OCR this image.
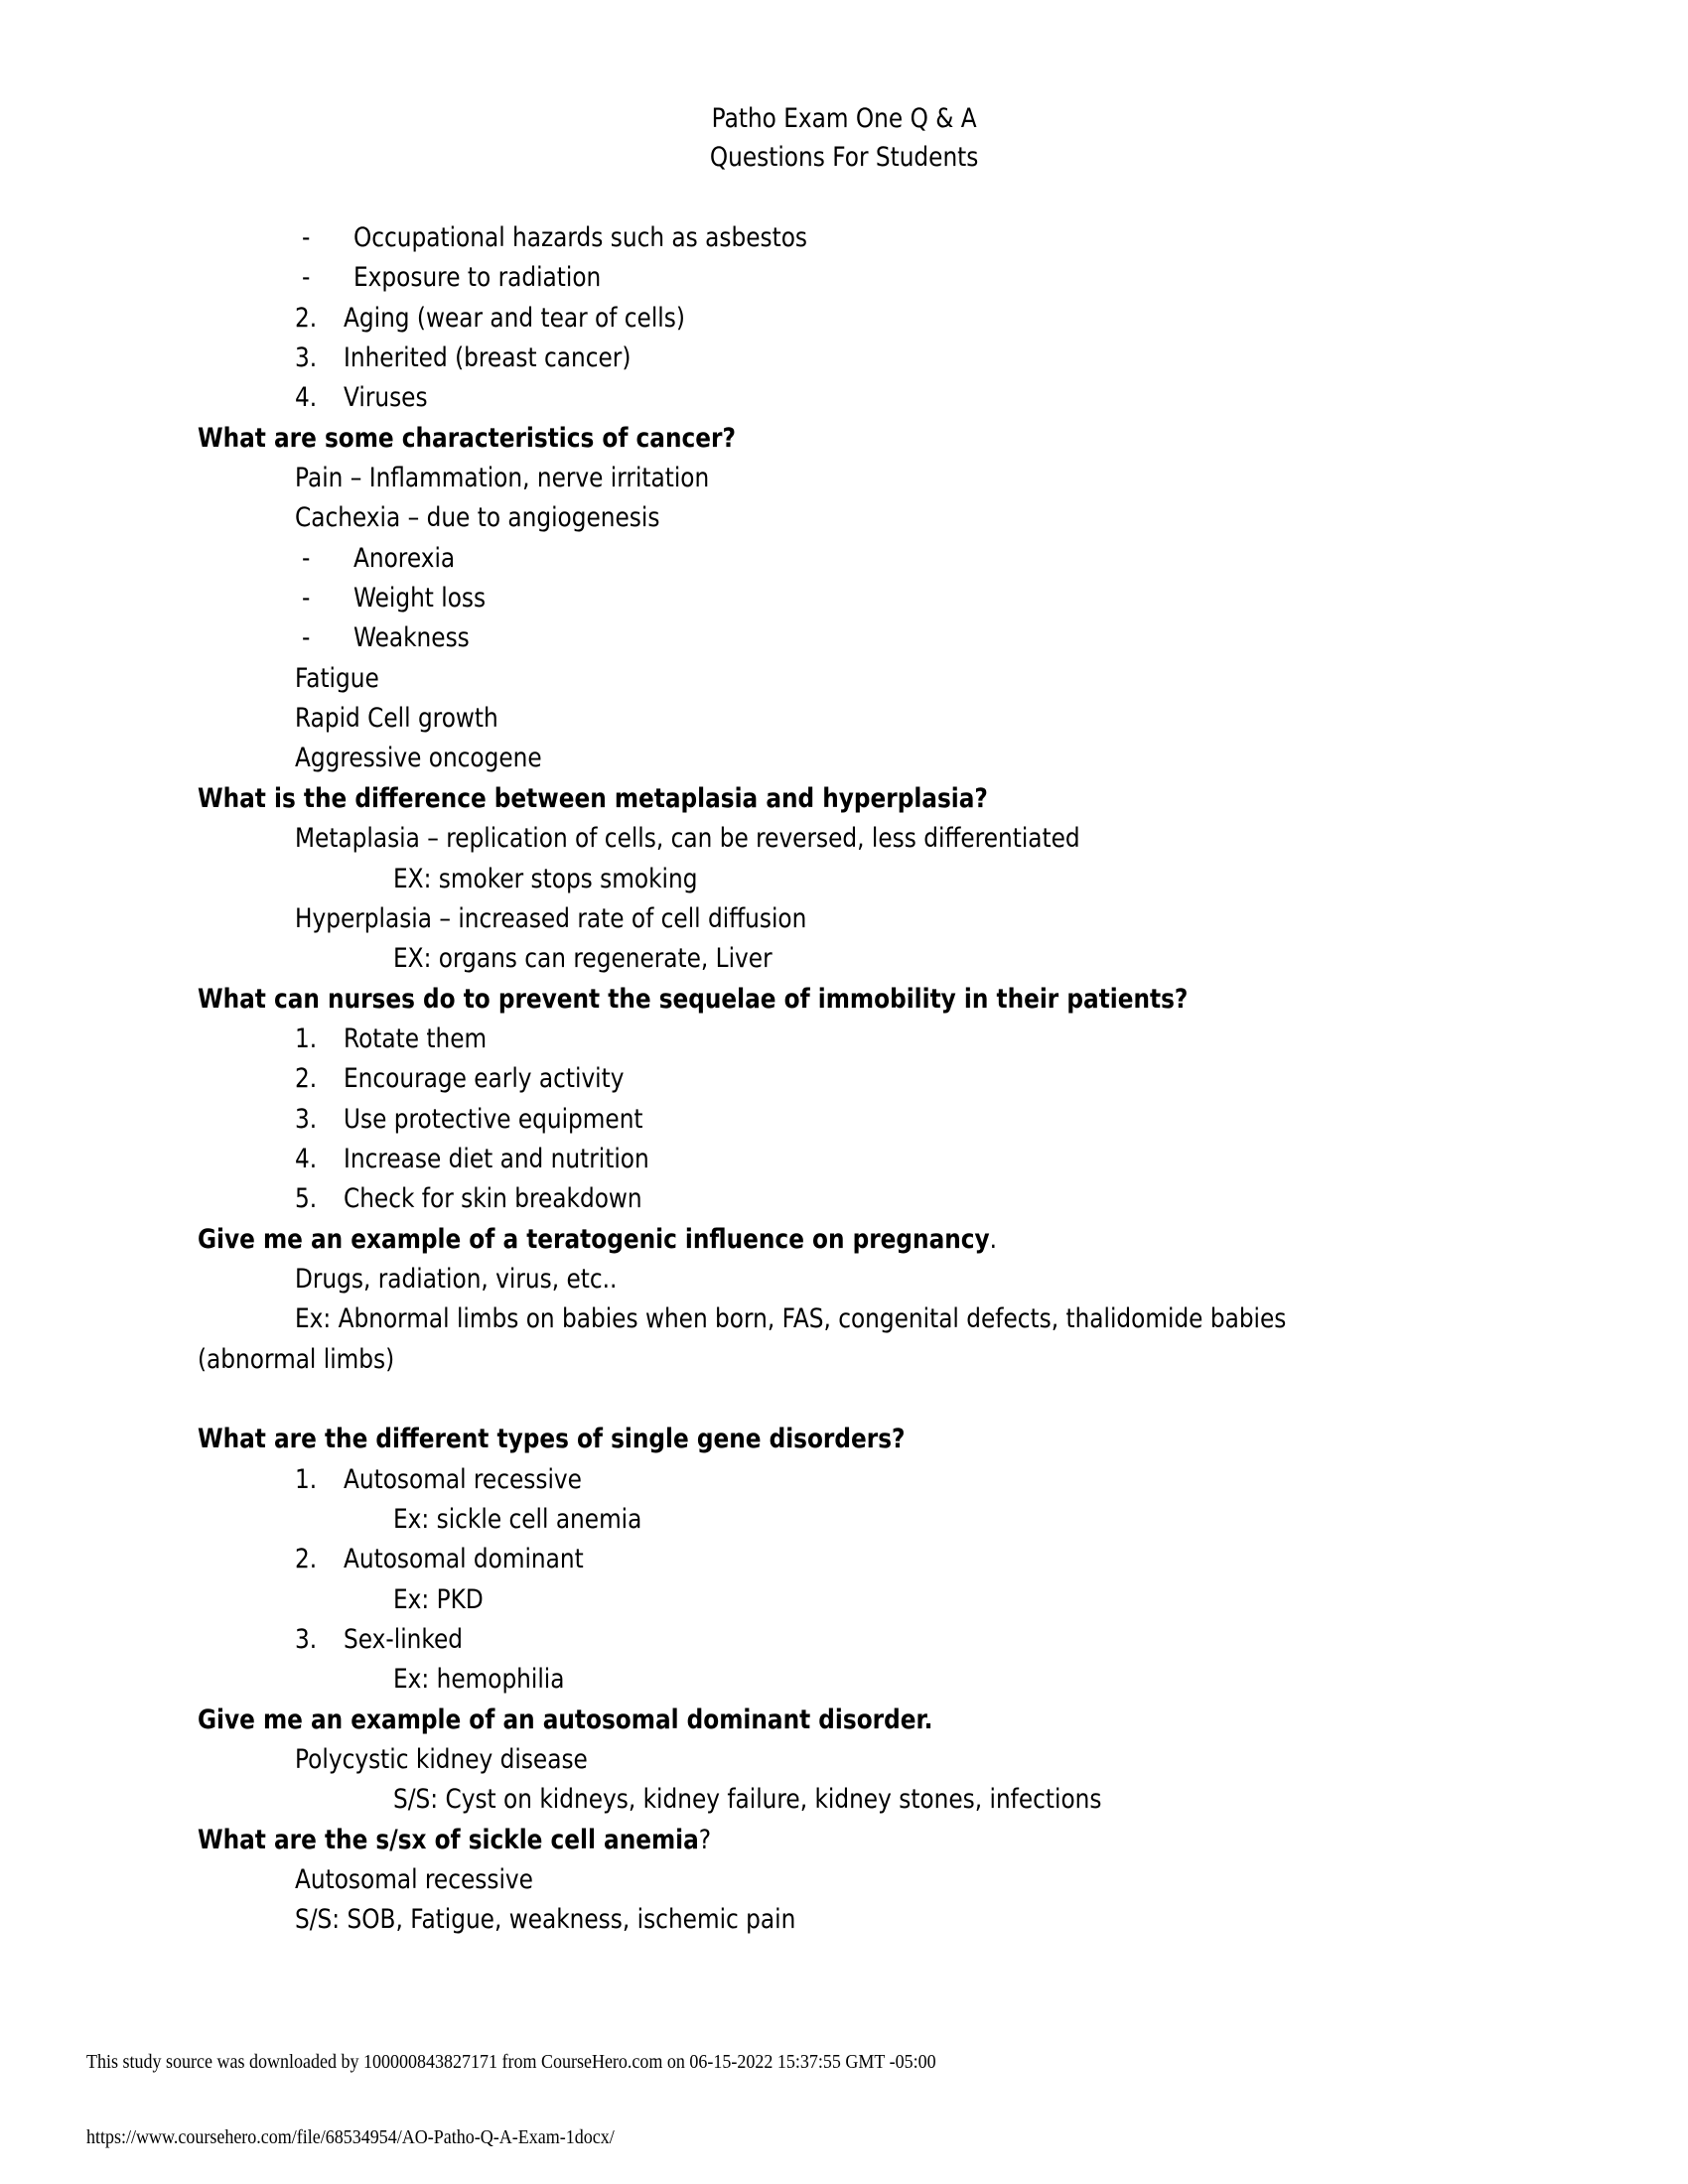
Patho Exam One Q & A
Questions For Students
- Occupational hazards such as asbestos
- Exposure to radiation
2. Aging (wear and tear of cells)
3. Inherited (breast cancer)
4. Viruses
What are some characteristics of cancer?
Pain – Inflammation, nerve irritation
Cachexia – due to angiogenesis
- Anorexia
- Weight loss
- Weakness
Fatigue
Rapid Cell growth
Aggressive oncogene
What is the difference between metaplasia and hyperplasia?
Metaplasia – replication of cells, can be reversed, less differentiated
EX: smoker stops smoking
Hyperplasia – increased rate of cell diffusion
EX: organs can regenerate, Liver
What can nurses do to prevent the sequelae of immobility in their patients?
1. Rotate them
2. Encourage early activity
3. Use protective equipment
4. Increase diet and nutrition
5. Check for skin breakdown
Give me an example of a teratogenic influence on pregnancy.
Drugs, radiation, virus, etc..
Ex: Abnormal limbs on babies when born, FAS, congenital defects, thalidomide babies
(abnormal limbs)
What are the different types of single gene disorders?
1. Autosomal recessive
Ex: sickle cell anemia
2. Autosomal dominant
Ex: PKD
3. Sex-linked
Ex: hemophilia
Give me an example of an autosomal dominant disorder.
Polycystic kidney disease
S/S: Cyst on kidneys, kidney failure, kidney stones, infections
What are the s/sx of sickle cell anemia?
Autosomal recessive
S/S: SOB, Fatigue, weakness, ischemic pain
This study source was downloaded by 100000843827171 from CourseHero.com on 06-15-2022 15:37:55 GMT -05:00
https://www.coursehero.com/file/68534954/AO-Patho-Q-A-Exam-1docx/
